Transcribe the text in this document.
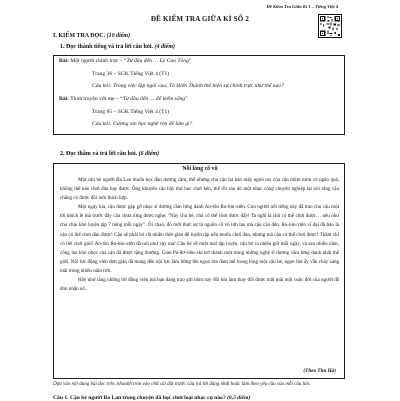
Đề Kiểm Tra Giữa Kì 1 – Tiếng Việt 4
ĐỀ KIỂM TRA GIỮA KÌ SỐ 2
I. KIỂM TRA ĐỌC. (10 điểm)
1. Đọc thành tiếng và trả lời câu hỏi. (4 điểm)
Bài: Một người chính trực – “Từ đầu đến … Lý Cao Tông”
Trang 36 – SGK Tiếng Việt 4 (T1)
Câu hỏi: Trong việc lập ngôi vua, Tô Hiến Thành thể hiện sự chính trực như thế nào?
Bài: Thưa truyện với mẹ – “Từ đầu đến … để kiếm sống”
Trang 85 – SGK Tiếng Việt 4 (T1)
Câu hỏi: Cương xin học nghề rèn để làm gì?
2. Đọc thầm và trả lời câu hỏi. (6 điểm)
Nỗi lòng cô vũ

Một cậu bé người Ba Lan muốn học đàn dương cầm, thế nhưng cha cậu lại bảo mấy ngón tay của cậu mũm mĩm và ngắn quá, không thể nào chơi đàn hay được. Ông khuyên cậu hãy thử học chơi kèn, thế rồi sau đó một nhạc công chuyên nghiệp lại nói rằng cậu chẳng có được đôi môi thích hợp.

Một ngày kia, cậu được gặp gỡ nhạc sĩ dương cầm lừng danh An-tôn Ru-bin-xtên. Con người nổi tiếng này đã trao cho cậu một lời khích lệ mà trước đây cậu chưa từng được nghe: “Này chú bé, chú có thể chơi được đấy! Ta nghĩ là chú có thể chơi được… nếu như chú chịu khó luyện tập 7 tiếng mỗi ngày”. Ôi chao, đó mới thực sự là nguồn cổ vũ lớn lao mà cậu cần đến. Ru-bin-xtên vĩ đại đã bảo là cậu có thể chơi đàn được! Cậu sẽ phải bỏ rất nhiều thời gian để luyện tập nếu muốn chơi đàn, nhưng mà cậu có thể chơi được! Thầm chi có thể chơi giỏi! An-tôn Ru-bin-xtên đã nói như vậy mà! Cậu bé về miệt mài tập luyện, cậu bỏ ra nhiều giờ mỗi ngày, và sau nhiều năm, công lao khó nhọc của cậu đã được tặng thưởng. Gian Pa-đơ-riêu-xki trở thành một trong những nghệ sĩ dương cầm lừng danh nhất thế giới. Nỗi lực động viên đơn giản đã mang đến nội lực làm bừng lên ngọn lửa đam mê trong lòng một cậu bé, ngọn lửa ấy vẫn cháy sáng mãi trong nhiều năm trời.

Hãy nhớ rằng những lời động viên mà bạn đang trao gửi hôm nay đối khi làm thay đổi được mãi mãi một cuộc đời của người đã đón nhận nó.

(Theo Thu Hà)
Dựa vào nội dung bài đọc trên, khoanh tròn vào chữ cái đặt trước câu trả lời đúng nhất hoặc làm theo yêu cầu của mỗi câu hỏi.
Câu 1. Cậu bé người Ba Lan trong chuyện đã học chơi loại nhạc cụ nào? (0,5 điểm)
